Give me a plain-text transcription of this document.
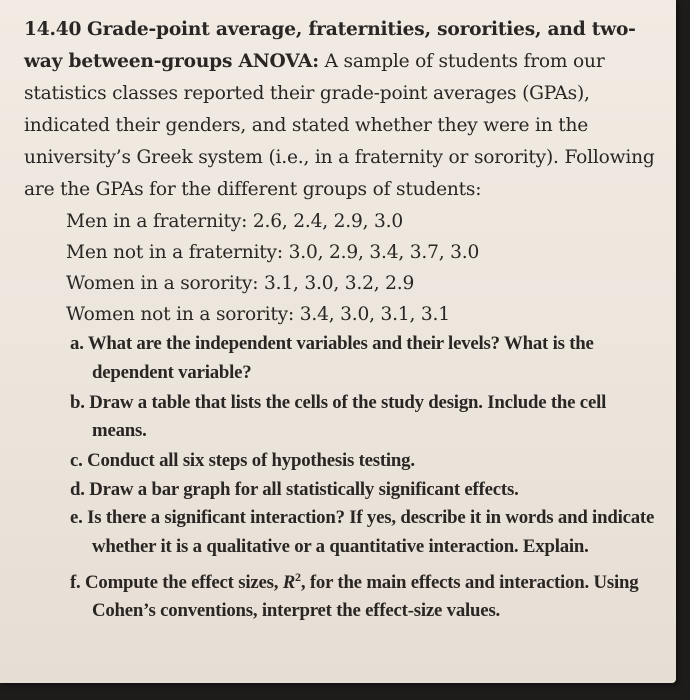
14.40 Grade-point average, fraternities, sororities, and two-way between-groups ANOVA: A sample of students from our statistics classes reported their grade-point averages (GPAs), indicated their genders, and stated whether they were in the university’s Greek system (i.e., in a fraternity or sorority). Following are the GPAs for the different groups of students:

Men in a fraternity: 2.6, 2.4, 2.9, 3.0

Men not in a fraternity: 3.0, 2.9, 3.4, 3.7, 3.0

Women in a sorority: 3.1, 3.0, 3.2, 2.9

Women not in a sorority: 3.4, 3.0, 3.1, 3.1

a. What are the independent variables and their levels? What is the dependent variable?

b. Draw a table that lists the cells of the study design. Include the cell means.

c. Conduct all six steps of hypothesis testing.

d. Draw a bar graph for all statistically significant effects.

e. Is there a significant interaction? If yes, describe it in words and indicate whether it is a qualitative or a quantitative interaction. Explain.

f. Compute the effect sizes, $R^2$, for the main effects and interaction. Using Cohen’s conventions, interpret the effect-size values.
